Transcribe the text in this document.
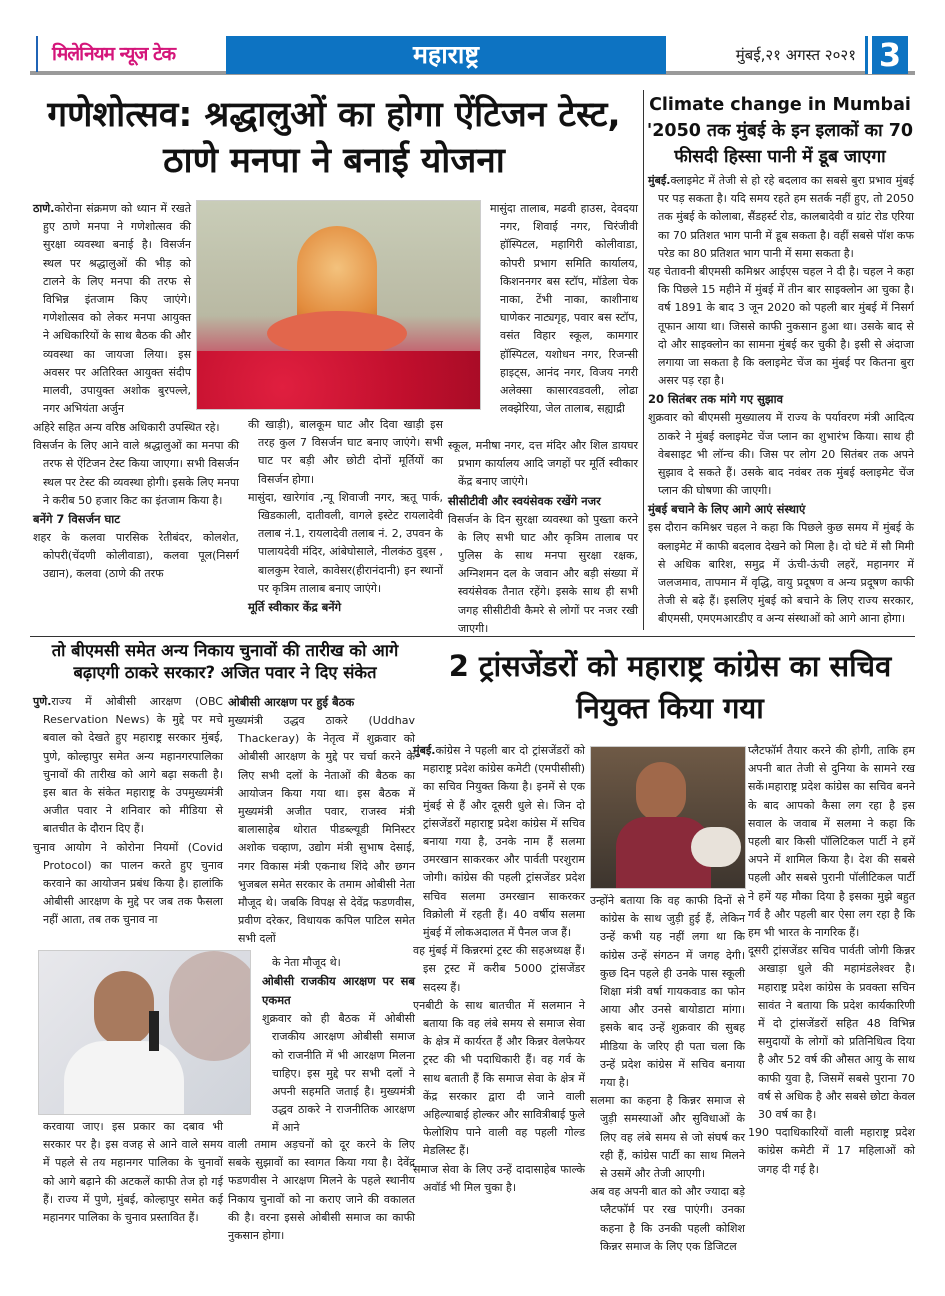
मिलेनियम न्यूज टेक	महाराष्ट्र	मुंबई,२१ अगस्त २०२१ 3
गणेशोत्सव: श्रद्धालुओं का होगा ऐंटिजन टेस्ट, ठाणे मनपा ने बनाई योजना

ठाणे.कोरोना संक्रमण को ध्यान में रखते हुए ठाणे मनपा ने गणेशोत्सव की सुरक्षा व्यवस्था बनाई है। विसर्जन स्थल पर श्रद्धालुओं की भीड़ को टालने के लिए मनपा की तरफ से विभिन्न इंतजाम किए जाएंगे। गणेशोत्सव को लेकर मनपा आयुक्त ने अधिकारियों के साथ बैठक की और व्यवस्था का जायजा लिया। इस अवसर पर अतिरिक्त आयुक्त संदीप मालवी, उपायुक्त अशोक बुरपल्ले, नगर अभियंता अर्जुन

अहिरे सहित अन्य वरिष्ठ अधिकारी उपस्थित रहे।

विसर्जन के लिए आने वाले श्रद्धालुओं का मनपा की तरफ से ऐंटिजन टेस्ट किया जाएगा। सभी विसर्जन स्थल पर टेस्ट की व्यवस्था होगी। इसके लिए मनपा ने करीब 50 हजार किट का इंतजाम किया है।

बनेंगे 7 विसर्जन घाट

शहर के कलवा पारसिक रेतीबंदर, कोलशेत, कोपरी(चेंदणी कोलीवाडा), कलवा पूल(निसर्ग उद्यान), कलवा (ठाणे की तरफ

की खाड़ी), बालकूम घाट और दिवा खाड़ी इस तरह कुल 7 विसर्जन घाट बनाए जाएंगे। सभी घाट पर बड़ी और छोटी दोनों मूर्तियों का विसर्जन होगा।

मासुंदा, खारेगांव ,न्यू शिवाजी नगर, ऋतू पार्क, खिडकाली, दातीवली, वागले इस्टेट रायलादेवी तलाब नं.1, रायलादेवी तलाब नं. 2, उपवन के पालायदेवी मंदिर, आंबेघोसाले, नीलकंठ वुड्स , बालकुम रेवाले, कावेसर(हीरानंदानी) इन स्थानों पर कृत्रिम तालाब बनाए जाएंगे।

मूर्ति स्वीकार केंद्र बनेंगे

मासुंदा तालाब, मढवी हाउस, देवदया नगर, शिवाई नगर, चिरंजीवी हॉस्पिटल, महागिरी कोलीवाडा, कोपरी प्रभाग समिति कार्यालय, किशननगर बस स्टॉप, मॉडेला चेक नाका, टेंभी नाका, काशीनाथ घाणेकर नाट्यगृह, पवार बस स्टॉप, वसंत विहार स्कूल, कामगार हॉस्पिटल, यशोधन नगर, रिजन्सी हाइट्स, आनंद नगर, विजय नगरी अलेक्सा कासारवडवली, लोढा लक्झेरिया, जेल तालाब, सह्याद्री

स्कूल, मनीषा नगर, दत्त मंदिर और शिल डायघर प्रभाग कार्यालय आदि जगहों पर मूर्ति स्वीकार केंद्र बनाए जाएंगे।

सीसीटीवी और स्वयंसेवक रखेंगे नजर

विसर्जन के दिन सुरक्षा व्यवस्था को पुख्ता करने के लिए सभी घाट और कृत्रिम तालाब पर पुलिस के साथ मनपा सुरक्षा रक्षक, अग्निशमन दल के जवान और बड़ी संख्या में स्वयंसेवक तैनात रहेंगे। इसके साथ ही सभी जगह सीसीटीवी कैमरे से लोगों पर नजर रखी जाएगी।

Climate change in Mumbai '2050 तक मुंबई के इन इलाकों का 70 फीसदी हिस्सा पानी में डूब जाएगा

मुंबई.क्लाइमेट में तेजी से हो रहे बदलाव का सबसे बुरा प्रभाव मुंबई पर पड़ सकता है। यदि समय रहते हम सतर्क नहीं हुए, तो 2050 तक मुंबई के कोलाबा, सैंडहर्स्ट रोड, कालबादेवी व ग्रांट रोड एरिया का 70 प्रतिशत भाग पानी में डूब सकता है। वहीं सबसे पॉश कफ परेड का 80 प्रतिशत भाग पानी में समा सकता है।

यह चेतावनी बीएमसी कमिश्नर आईएस चहल ने दी है। चहल ने कहा कि पिछले 15 महीने में मुंबई में तीन बार साइक्लोन आ चुका है। वर्ष 1891 के बाद 3 जून 2020 को पहली बार मुंबई में निसर्ग तूफान आया था। जिससे काफी नुकसान हुआ था। उसके बाद से दो और साइक्लोन का सामना मुंबई कर चुकी है। इसी से अंदाजा लगाया जा सकता है कि क्लाइमेट चेंज का मुंबई पर कितना बुरा असर पड़ रहा है।

20 सितंबर तक मांगे गए सुझाव

शुक्रवार को बीएमसी मुख्यालय में राज्य के पर्यावरण मंत्री आदित्य ठाकरे ने मुंबई क्लाइमेट चेंज प्लान का शुभारंभ किया। साथ ही वेबसाइट भी लॉन्च की। जिस पर लोग 20 सितंबर तक अपने सुझाव दे सकते हैं। उसके बाद नवंबर तक मुंबई क्लाइमेट चेंज प्लान की घोषणा की जाएगी।

मुंबई बचाने के लिए आगे आएं संस्थाएं

इस दौरान कमिश्नर चहल ने कहा कि पिछले कुछ समय में मुंबई के क्लाइमेट में काफी बदलाव देखने को मिला है। दो घंटे में सौ मिमी से अधिक बारिश, समुद्र में ऊंची-ऊंची लहरें, महानगर में जलजमाव, तापमान में वृद्धि, वायु प्रदूषण व अन्य प्रदूषण काफी तेजी से बढ़े हैं। इसलिए मुंबई को बचाने के लिए राज्य सरकार, बीएमसी, एमएमआरडीए व अन्य संस्थाओं को आगे आना होगा।

तो बीएमसी समेत अन्य निकाय चुनावों की तारीख को आगे बढ़ाएगी ठाकरे सरकार? अजित पवार ने दिए संकेत

पुणे.राज्य में ओबीसी आरक्षण (OBC Reservation News) के मुद्दे पर मचे बवाल को देखते हुए महाराष्ट्र सरकार मुंबई, पुणे, कोल्हापुर समेत अन्य महानगरपालिका चुनावों की तारीख को आगे बढ़ा सकती है। इस बात के संकेत महाराष्ट्र के उपमुख्यमंत्री अजीत पवार ने शनिवार को मीडिया से बातचीत के दौरान दिए हैं।

चुनाव आयोग ने कोरोना नियमों (Covid Protocol) का पालन करते हुए चुनाव करवाने का आयोजन प्रबंध किया है। हालांकि ओबीसी आरक्षण के मुद्दे पर जब तक फैसला नहीं आता, तब तक चुनाव ना

करवाया जाए। इस प्रकार का दबाव भी सरकार पर है। इस वजह से आने वाले समय में पहले से तय महानगर पालिका के चुनावों को आगे बढ़ाने की अटकलें काफी तेज हो गई हैं। राज्य में पुणे, मुंबई, कोल्हापुर समेत कई महानगर पालिका के चुनाव प्रस्तावित हैं।

ओबीसी आरक्षण पर हुई बैठक

मुख्यमंत्री उद्धव ठाकरे (Uddhav Thackeray) के नेतृत्व में शुक्रवार को ओबीसी आरक्षण के मुद्दे पर चर्चा करने के लिए सभी दलों के नेताओं की बैठक का आयोजन किया गया था। इस बैठक में मुख्यमंत्री अजीत पवार, राजस्व मंत्री बालासाहेब थोरात पीडब्ल्यूडी मिनिस्टर अशोक चव्हाण, उद्योग मंत्री सुभाष देसाई, नगर विकास मंत्री एकनाथ शिंदे और छगन भुजबल समेत सरकार के तमाम ओबीसी नेता मौजूद थे। जबकि विपक्ष से देवेंद्र फडणवीस, प्रवीण दरेकर, विधायक कपिल पाटिल समेत सभी दलों

के नेता मौजूद थे।

ओबीसी राजकीय आरक्षण पर सब एकमत

शुक्रवार को ही बैठक में ओबीसी राजकीय आरक्षण ओबीसी समाज को राजनीति में भी आरक्षण मिलना चाहिए। इस मुद्दे पर सभी दलों ने अपनी सहमति जताई है। मुख्यमंत्री उद्धव ठाकरे ने राजनीतिक आरक्षण में आने

वाली तमाम अड़चनों को दूर करने के लिए सबके सुझावों का स्वागत किया गया है। देवेंद्र फडणवीस ने आरक्षण मिलने के पहले स्थानीय निकाय चुनावों को ना कराए जाने की वकालत की है। वरना इससे ओबीसी समाज का काफी नुकसान होगा।

2 ट्रांसजेंडरों को महाराष्ट्र कांग्रेस का सचिव नियुक्त किया गया

मुंबई.कांग्रेस ने पहली बार दो ट्रांसजेंडरों को महाराष्ट्र प्रदेश कांग्रेस कमेटी (एमपीसीसी) का सचिव नियुक्त किया है। इनमें से एक मुंबई से हैं और दूसरी धुले से। जिन दो ट्रांसजेंडरों महाराष्ट्र प्रदेश कांग्रेस में सचिव बनाया गया है, उनके नाम हैं सलमा उमरखान साकरकर और पार्वती परशुराम जोगी। कांग्रेस की पहली ट्रांसजेंडर प्रदेश सचिव सलमा उमरखान साकरकर विक्रोली में रहती हैं। 40 वर्षीय सलमा मुंबई में लोकअदालत में पैनल जज हैं।

वह मुंबई में किन्नरमां ट्रस्ट की सहअध्यक्ष हैं। इस ट्रस्ट में करीब 5000 ट्रांसजेंडर सदस्य हैं।

एनबीटी के साथ बातचीत में सलमान ने बताया कि वह लंबे समय से समाज सेवा के क्षेत्र में कार्यरत हैं और किन्नर वेलफेयर ट्रस्ट की भी पदाधिकारी हैं। वह गर्व के साथ बताती हैं कि समाज सेवा के क्षेत्र में केंद्र सरकार द्वारा दी जाने वाली अहिल्याबाई होल्कर और सावित्रीबाई फुले फेलोशिप पाने वाली वह पहली गोल्ड मेडलिस्ट हैं।

समाज सेवा के लिए उन्हें दादासाहेब फाल्के अवॉर्ड भी मिल चुका है।

उन्होंने बताया कि वह काफी दिनों से कांग्रेस के साथ जुड़ी हुई हैं, लेकिन उन्हें कभी यह नहीं लगा था कि कांग्रेस उन्हें संगठन में जगह देगी। कुछ दिन पहले ही उनके पास स्कूली शिक्षा मंत्री वर्षा गायकवाड का फोन आया और उनसे बायोडाटा मांगा। इसके बाद उन्हें शुक्रवार की सुबह मीडिया के जरिए ही पता चला कि उन्हें प्रदेश कांग्रेस में सचिव बनाया गया है।

सलमा का कहना है किन्नर समाज से जुड़ी समस्याओं और सुविधाओं के लिए वह लंबे समय से जो संघर्ष कर रही हैं, कांग्रेस पार्टी का साथ मिलने से उसमें और तेजी आएगी।

अब वह अपनी बात को और ज्यादा बड़े प्लैटफॉर्म पर रख पाएंगी। उनका कहना है कि उनकी पहली कोशिश किन्नर समाज के लिए एक डिजिटल

प्लैटफॉर्म तैयार करने की होगी, ताकि हम अपनी बात तेजी से दुनिया के सामने रख सकें।महाराष्ट्र प्रदेश कांग्रेस का सचिव बनने के बाद आपको कैसा लग रहा है इस सवाल के जवाब में सलमा ने कहा कि पहली बार किसी पॉलिटिकल पार्टी ने हमें अपने में शामिल किया है। देश की सबसे पहली और सबसे पुरानी पॉलीटिकल पार्टी ने हमें यह मौका दिया है इसका मुझे बहुत गर्व है और पहली बार ऐसा लग रहा है कि हम भी भारत के नागरिक हैं।

दूसरी ट्रांसजेंडर सचिव पार्वती जोगी किन्नर अखाड़ा धुले की महामंडलेश्वर है। महाराष्ट्र प्रदेश कांग्रेस के प्रवक्ता सचिन सावंत ने बताया कि प्रदेश कार्यकारिणी में दो ट्रांसजेंडरों सहित 48 विभिन्न समुदायों के लोगों को प्रतिनिधित्व दिया है और 52 वर्ष की औसत आयु के साथ काफी युवा है, जिसमें सबसे पुराना 70 वर्ष से अधिक है और सबसे छोटा केवल 30 वर्ष का है।

190 पदाधिकारियों वाली महाराष्ट्र प्रदेश कांग्रेस कमेटी में 17 महिलाओं को जगह दी गई है।
